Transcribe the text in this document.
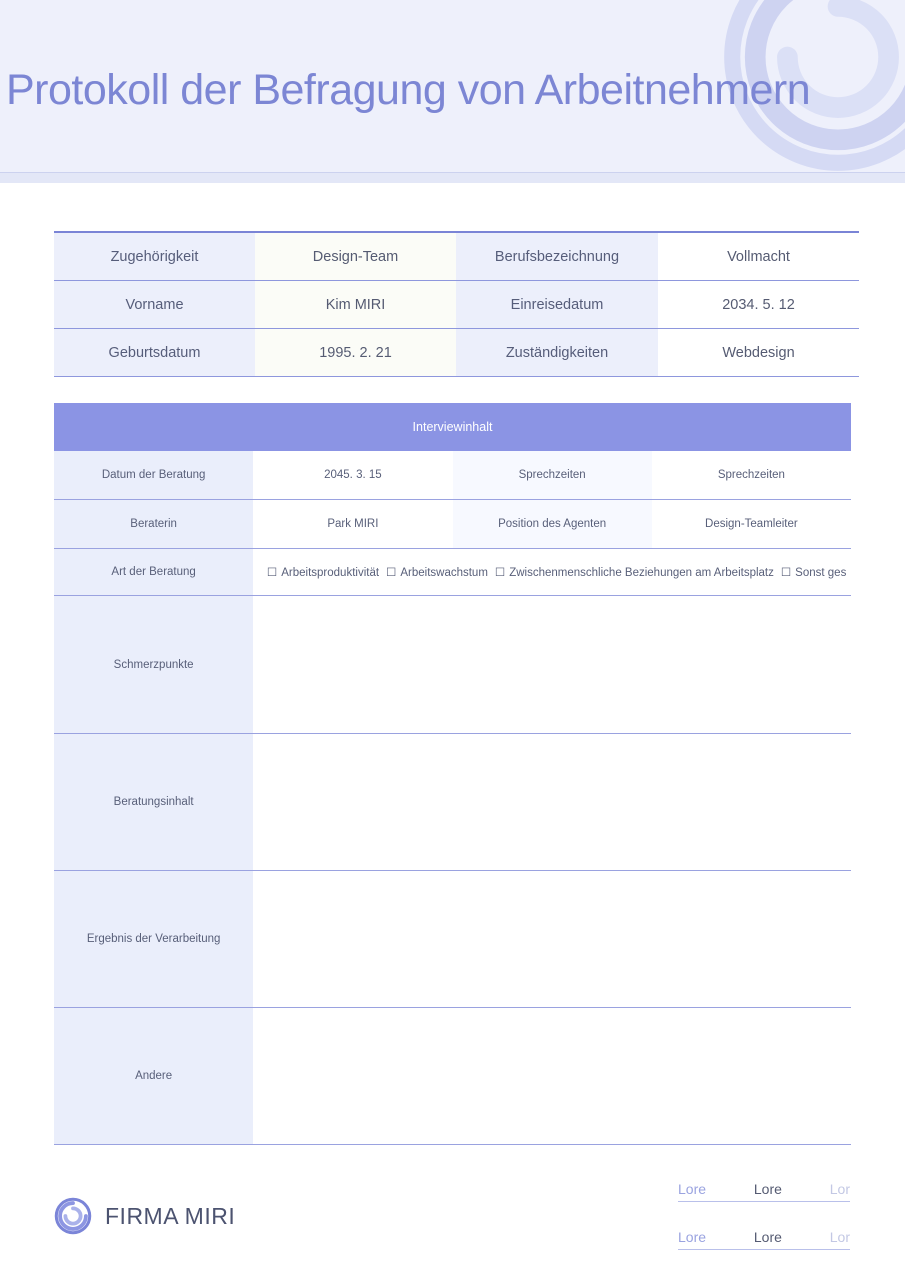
Protokoll der Befragung von Arbeitnehmern
Zugehörigkeit	Design-Team	Berufsbezeichnung	Vollmacht
Vorname	Kim MIRI	Einreisedatum	2034. 5. 12
Geburtsdatum	1995. 2. 21	Zuständigkeiten	Webdesign
Interviewinhalt			
Datum der Beratung	2045. 3. 15	Sprechzeiten	Sprechzeiten
Beraterin	Park MIRI	Position des Agenten	Design-Teamleiter
Art der Beratung	☐ Arbeitsproduktivität ☐ Arbeitswachstum ☐ Zwischenmenschliche Beziehungen am Arbeitsplatz ☐ Sonst ges		
Schmerzpunkte			
Beratungsinhalt			
Ergebnis der Verarbeitung			
Andere			
FIRMA MIRI
Lore	Lore	Lor
Lore	Lore	Lor
